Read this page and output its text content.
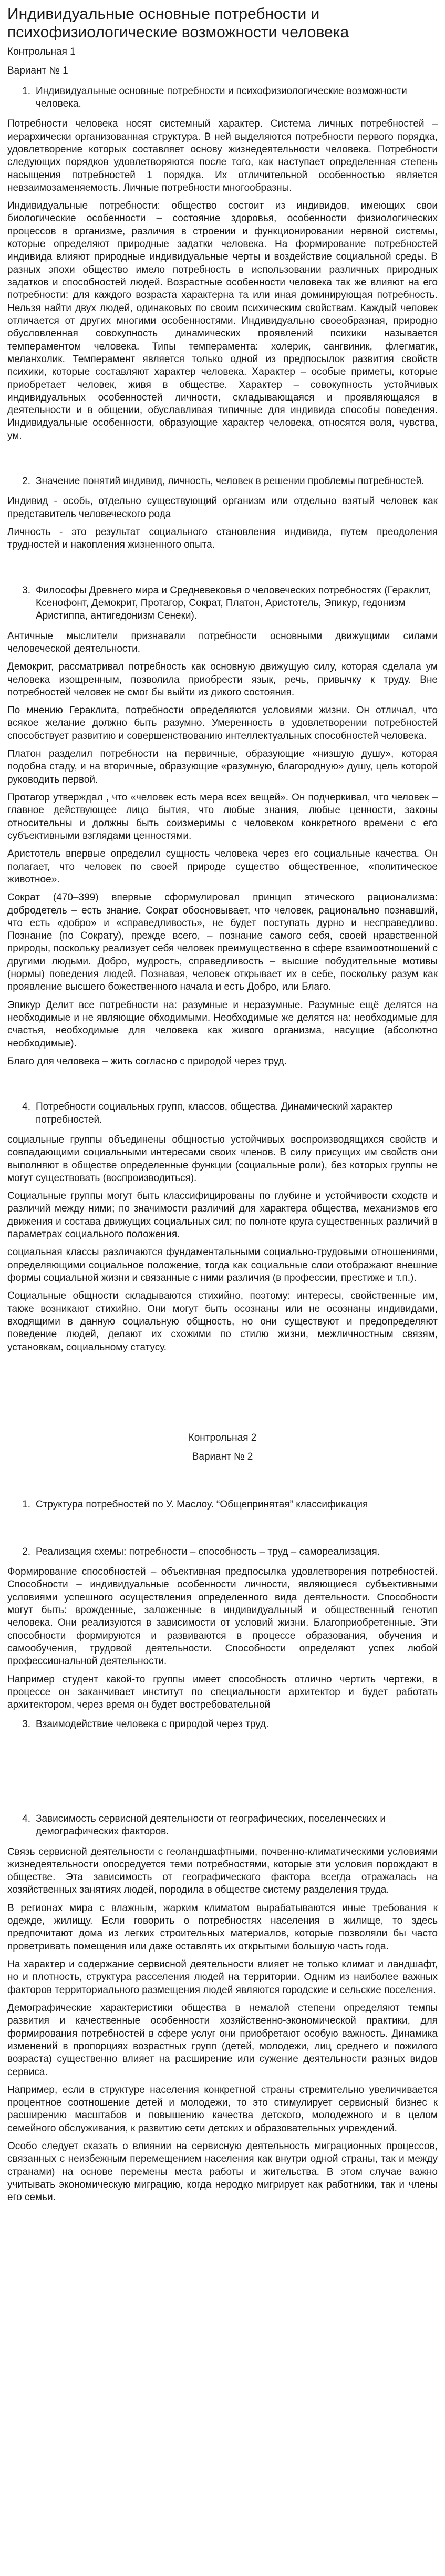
Индивидуальные основные потребности и психофизиологические возможности человека
Контрольная 1
Вариант № 1
1. Индивидуальные основные потребности и психофизиологические возможности человека.

Потребности человека носят системный характер. Система личных потребностей – иерархически организованная структура. В ней выделяются потребности первого порядка, удовлетворение которых составляет основу жизнедеятельности человека. Потребности следующих порядков удовлетворяются после того, как наступает определенная степень насыщения потребностей 1 порядка. Их отличительной особенностью является невзаимозаменяемость. Личные потребности многообразны.

Индивидуальные потребности: общество состоит из индивидов, имеющих свои биологические особенности – состояние здоровья, особенности физиологических процессов в организме, различия в строении и функционировании нервной системы, которые определяют природные задатки человека. На формирование потребностей индивида влияют природные индивидуальные черты и воздействие социальной среды. В разных эпохи общество имело потребность в использовании различных природных задатков и способностей людей. Возрастные особенности человека так же влияют на его потребности: для каждого возраста характерна та или иная доминирующая потребность. Нельзя найти двух людей, одинаковых по своим психическим свойствам. Каждый человек отличается от других многими особенностями. Индивидуально своеобразная, природно обусловленная совокупность динамических проявлений психики называется темпераментом человека. Типы темперамента: холерик, сангвиник, флегматик, меланхолик. Темперамент является только одной из предпосылок развития свойств психики, которые составляют характер человека. Характер – особые приметы, которые приобретает человек, живя в обществе. Характер – совокупность устойчивых индивидуальных особенностей личности, складывающаяся и проявляющаяся в деятельности и в общении, обуславливая типичные для индивида способы поведения. Индивидуальные особенности, образующие характер человека, относятся воля, чувства, ум.

2. Значение понятий индивид, личность, человек в решении проблемы потребностей.

Индивид - особь, отдельно существующий организм или отдельно взятый человек как представитель человеческого рода

Личность - это результат социального становления индивида, путем преодоления трудностей и накопления жизненного опыта.

3. Философы Древнего мира и Средневековья о человеческих потребностях (Гераклит, Ксенофонт, Демокрит, Протагор, Сократ, Платон, Аристотель, Эпикур, гедонизм Аристиппа, антигедонизм Сенеки).

Античные мыслители признавали потребности основными движущими силами человеческой деятельности.

Демокрит, рассматривал потребность как основную движущую силу, которая сделала ум человека изощренным, позволила приобрести язык, речь, привычку к труду. Вне потребностей человек не смог бы выйти из дикого состояния.

По мнению Гераклита, потребности определяются условиями жизни. Он отличал, что всякое желание должно быть разумно. Умеренность в удовлетворении потребностей способствует развитию и совершенствованию интеллектуальных способностей человека.

Платон разделил потребности на первичные, образующие «низшую душу», которая подобна стаду, и на вторичные, образующие «разумную, благородную» душу, цель которой руководить первой.

Протагор утверждал , что «человек есть мера всех вещей». Он подчеркивал, что человек – главное действующее лицо бытия, что любые знания, любые ценности, законы относительны и должны быть соизмеримы с человеком конкретного времени с его субъективными взглядами ценностями.

Аристотель впервые определил сущность человека через его социальные качества. Он полагает, что человек по своей природе существо общественное, «политическое животное».

Сократ (470–399) впервые сформулировал принцип этического рационализма: добродетель – есть знание. Сократ обосновывает, что человек, рационально познавший, что есть «добро» и «справедливость», не будет поступать дурно и несправедливо. Познание (по Сократу), прежде всего, – познание самого себя, своей нравственной природы, поскольку реализует себя человек преимущественно в сфере взаимоотношений с другими людьми. Добро, мудрость, справедливость – высшие побудительные мотивы (нормы) поведения людей. Познавая, человек открывает их в себе, поскольку разум как проявление высшего божественного начала и есть Добро, или Благо.

Эпикур Делит все потребности на: разумные и неразумные. Разумные ещё делятся на необходимые и не являющие обходимыми. Необходимые же делятся на: необходимые для счастья, необходимые для человека как живого организма, насущие (абсолютно необходимые).

Благо для человека – жить согласно с природой через труд.

4. Потребности социальных групп, классов, общества. Динамический характер потребностей.

социальные группы объединены общностью устойчивых воспроизводящихся свойств и совпадающими социальными интересами своих членов. В силу присущих им свойств они выполняют в обществе определенные функции (социальные роли), без которых группы не могут существовать (воспроизводиться).

Социальные группы могут быть классифицированы по глубине и устойчивости сходств и различий между ними; по значимости различий для характера общества, механизмов его движения и состава движущих социальных сил; по полноте круга существенных различий в параметрах социального положения.

социальная классы различаются фундаментальными социально-трудовыми отношениями, определяющими социальное положение, тогда как социальные слои отображают внешние формы социальной жизни и связанные с ними различия (в профессии, престиже и т.п.).

Социальные общности складываются стихийно, поэтому: интересы, свойственные им, также возникают стихийно. Они могут быть осознаны или не осознаны индивидами, входящими в данную социальную общность, но они существуют и предопределяют поведение людей, делают их схожими по стилю жизни, межличностным связям, установкам, социальному статусу.

Контрольная 2
Вариант № 2
1. Структура потребностей по У. Маслоу. “Общепринятая” классификация
2. Реализация схемы: потребности – способность – труд – самореализация.

Формирование способностей – объективная предпосылка удовлетворения потребностей. Способности – индивидуальные особенности личности, являющиеся субъективными условиями успешного осуществления определенного вида деятельности. Способности могут быть: врожденные, заложенные в индивидуальный и общественный генотип человека. Они реализуются в зависимости от условий жизни. Благоприобретенные. Эти способности формируются и развиваются в процессе образования, обучения и самообучения, трудовой деятельности. Способности определяют успех любой профессиональной деятельности.

Например студент какой-то группы имеет способность отлично чертить чертежи, в процессе он заканчивает институт по специальности архитектор и будет работать архитектором, через время он будет востребовательной

3. Взаимодействие человека с природой через труд.
4. Зависимость сервисной деятельности от географических, поселенческих и демографических факторов.

Связь сервисной деятельности с геоландшафтными, почвенно-климатическими условиями жизнедеятельности опосредуется теми потребностями, которые эти условия порождают в обществе. Эта зависимость от географического фактора всегда отражалась на хозяйственных занятиях людей, породила в обществе систему разделения труда.

В регионах мира с влажным, жарким климатом вырабатываются иные требования к одежде, жилищу. Если говорить о потребностях населения в жилище, то здесь предпочитают дома из легких строительных материалов, которые позволяли бы часто проветривать помещения или даже оставлять их открытыми большую часть года.

На характер и содержание сервисной деятельности влияет не только климат и ландшафт, но и плотность, структура расселения людей на территории. Одним из наиболее важных факторов территориального размещения людей являются городские и сельские поселения.

Демографические характеристики общества в немалой степени определяют темпы развития и качественные особенности хозяйственно-экономической практики, для формирования потребностей в сфере услуг они приобретают особую важность. Динамика изменений в пропорциях возрастных групп (детей, молодежи, лиц среднего и пожилого возраста) существенно влияет на расширение или сужение деятельности разных видов сервиса.

Например, если в структуре населения конкретной страны стремительно увеличивается процентное соотношение детей и молодежи, то это стимулирует сервисный бизнес к расширению масштабов и повышению качества детского, молодежного и в целом семейного обслуживания, к развитию сети детских и образовательных учреждений.

Особо следует сказать о влиянии на сервисную деятельность миграционных процессов, связанных с неизбежным перемещением населения как внутри одной страны, так и между странами) на основе перемены места работы и жительства. В этом случае важно учитывать экономическую миграцию, когда неродко мигрирует как работники, так и члены его семьи.
